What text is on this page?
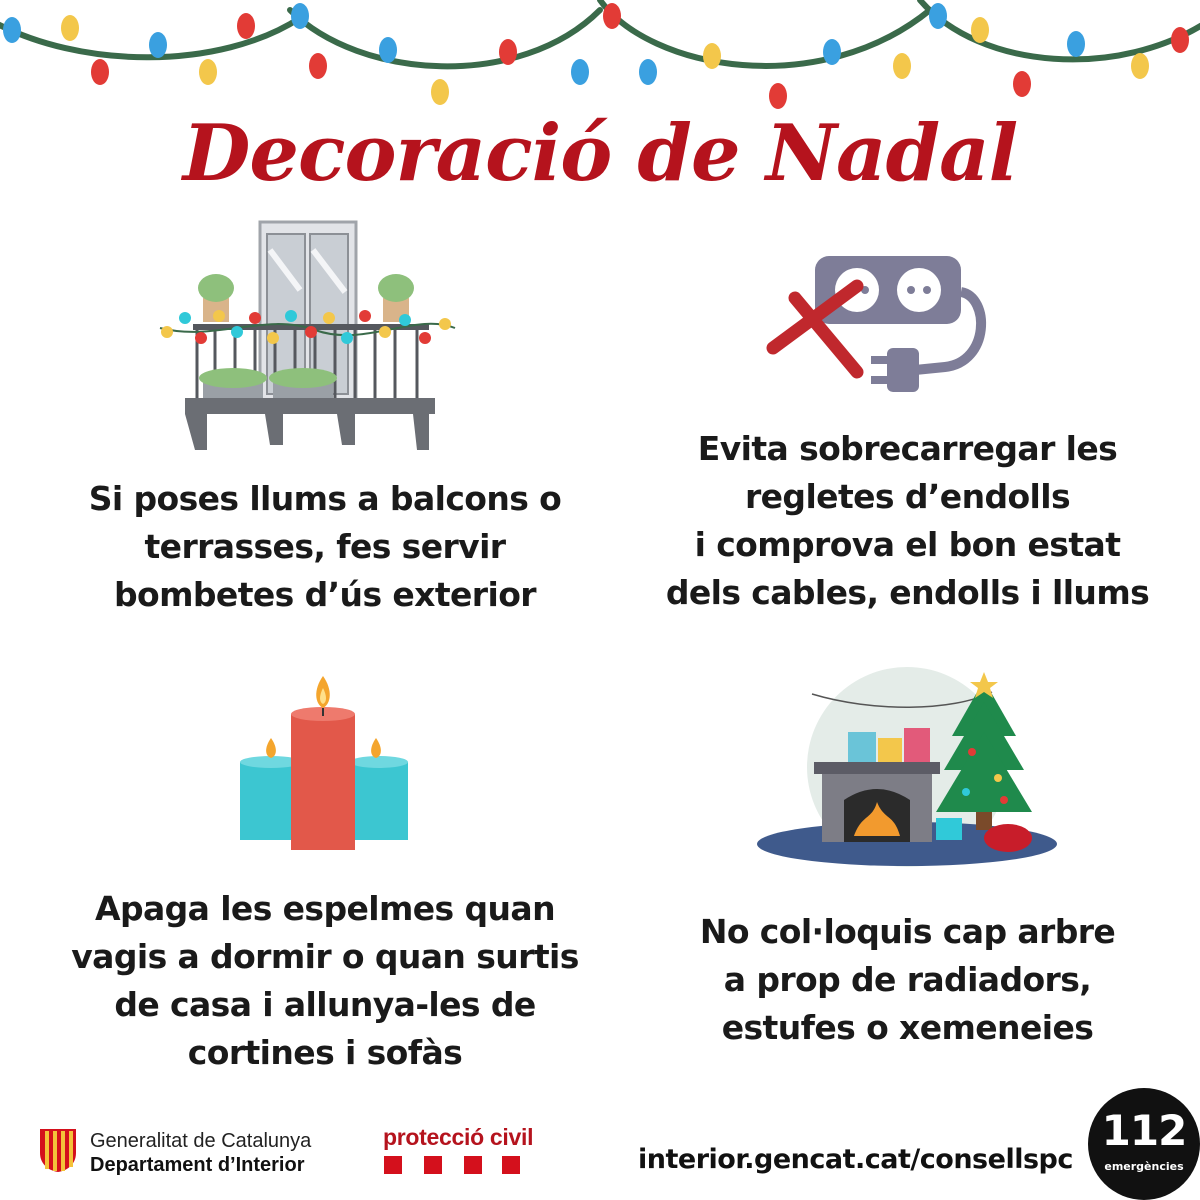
Decoració de Nadal
Si poses llums a balcons o
terrasses, fes servir
bombetes d’ús exterior
Evita sobrecarregar les
regletes d’endolls
i comprova el bon estat
dels cables, endolls i llums
Apaga les espelmes quan
vagis a dormir o quan surtis
de casa i allunya-les de
cortines i sofàs
No col·loquis cap arbre
a prop de radiadors,
estufes o xemeneies
Generalitat de Catalunya
Departament d’Interior
protecció civil
interior.gencat.cat/consellspc
112
emergències
